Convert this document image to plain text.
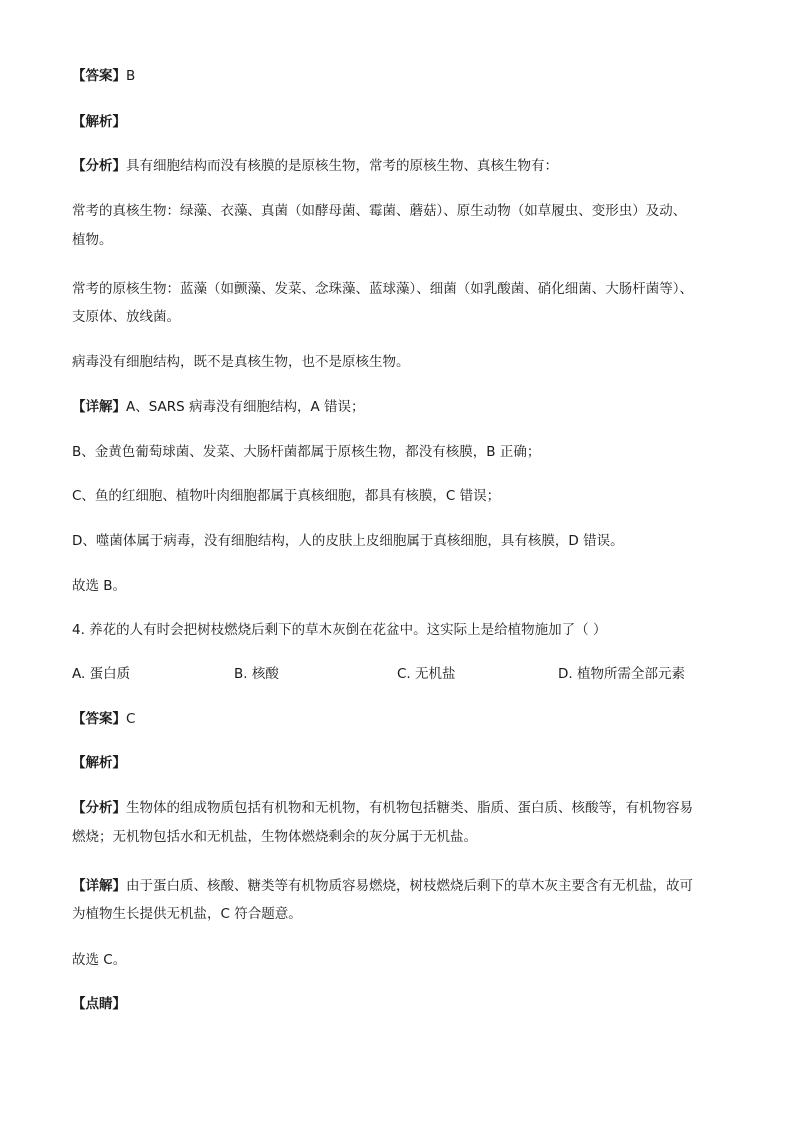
【答案】B
【解析】
【分析】具有细胞结构而没有核膜的是原核生物，常考的原核生物、真核生物有：
常考的真核生物：绿藻、衣藻、真菌（如酵母菌、霉菌、蘑菇）、原生动物（如草履虫、变形虫）及动、
植物。
常考的原核生物：蓝藻（如颤藻、发菜、念珠藻、蓝球藻）、细菌（如乳酸菌、硝化细菌、大肠杆菌等）、
支原体、放线菌。
病毒没有细胞结构，既不是真核生物，也不是原核生物。
【详解】A、SARS 病毒没有细胞结构，A 错误；
B、金黄色葡萄球菌、发菜、大肠杆菌都属于原核生物，都没有核膜，B 正确；
C、鱼的红细胞、植物叶肉细胞都属于真核细胞，都具有核膜，C 错误；
D、噬菌体属于病毒，没有细胞结构，人的皮肤上皮细胞属于真核细胞，具有核膜，D 错误。
故选 B。
4. 养花的人有时会把树枝燃烧后剩下的草木灰倒在花盆中。这实际上是给植物施加了（ ）
A. 蛋白质	B. 核酸	C. 无机盐	D. 植物所需全部元素
【答案】C
【解析】
【分析】生物体的组成物质包括有机物和无机物，有机物包括糖类、脂质、蛋白质、核酸等，有机物容易
燃烧；无机物包括水和无机盐，生物体燃烧剩余的灰分属于无机盐。
【详解】由于蛋白质、核酸、糖类等有机物质容易燃烧，树枝燃烧后剩下的草木灰主要含有无机盐，故可
为植物生长提供无机盐，C 符合题意。
故选 C。
【点睛】
